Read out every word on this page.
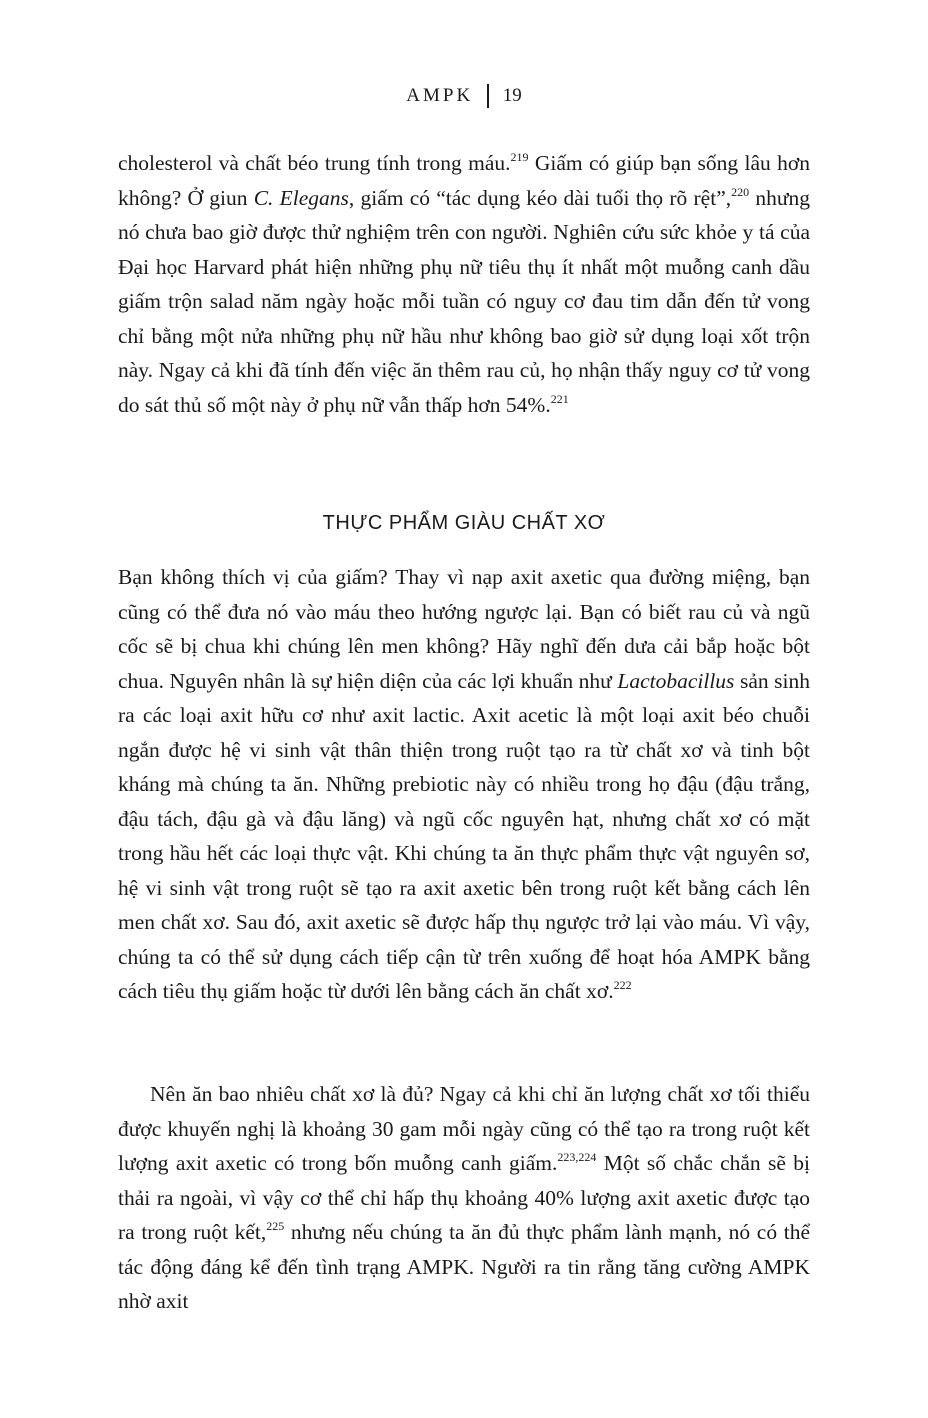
AMPK 19

cholesterol và chất béo trung tính trong máu.$^{219}$ Giấm có giúp bạn sống lâu hơn không? Ở giun C. Elegans, giấm có “tác dụng kéo dài tuổi thọ rõ rệt”,$^{220}$ nhưng nó chưa bao giờ được thử nghiệm trên con người. Nghiên cứu sức khỏe y tá của Đại học Harvard phát hiện những phụ nữ tiêu thụ ít nhất một muỗng canh dầu giấm trộn salad năm ngày hoặc mỗi tuần có nguy cơ đau tim dẫn đến tử vong chỉ bằng một nửa những phụ nữ hầu như không bao giờ sử dụng loại xốt trộn này. Ngay cả khi đã tính đến việc ăn thêm rau củ, họ nhận thấy nguy cơ tử vong do sát thủ số một này ở phụ nữ vẫn thấp hơn 54%.$^{221}$

THỰC PHẨM GIÀU CHẤT XƠ

Bạn không thích vị của giấm? Thay vì nạp axit axetic qua đường miệng, bạn cũng có thể đưa nó vào máu theo hướng ngược lại. Bạn có biết rau củ và ngũ cốc sẽ bị chua khi chúng lên men không? Hãy nghĩ đến dưa cải bắp hoặc bột chua. Nguyên nhân là sự hiện diện của các lợi khuẩn như Lactobacillus sản sinh ra các loại axit hữu cơ như axit lactic. Axit acetic là một loại axit béo chuỗi ngắn được hệ vi sinh vật thân thiện trong ruột tạo ra từ chất xơ và tinh bột kháng mà chúng ta ăn. Những prebiotic này có nhiều trong họ đậu (đậu trắng, đậu tách, đậu gà và đậu lăng) và ngũ cốc nguyên hạt, nhưng chất xơ có mặt trong hầu hết các loại thực vật. Khi chúng ta ăn thực phẩm thực vật nguyên sơ, hệ vi sinh vật trong ruột sẽ tạo ra axit axetic bên trong ruột kết bằng cách lên men chất xơ. Sau đó, axit axetic sẽ được hấp thụ ngược trở lại vào máu. Vì vậy, chúng ta có thể sử dụng cách tiếp cận từ trên xuống để hoạt hóa AMPK bằng cách tiêu thụ giấm hoặc từ dưới lên bằng cách ăn chất xơ.$^{222}$

Nên ăn bao nhiêu chất xơ là đủ? Ngay cả khi chỉ ăn lượng chất xơ tối thiểu được khuyến nghị là khoảng 30 gam mỗi ngày cũng có thể tạo ra trong ruột kết lượng axit axetic có trong bốn muỗng canh giấm.$^{223,224}$ Một số chắc chắn sẽ bị thải ra ngoài, vì vậy cơ thể chỉ hấp thụ khoảng 40% lượng axit axetic được tạo ra trong ruột kết,$^{225}$ nhưng nếu chúng ta ăn đủ thực phẩm lành mạnh, nó có thể tác động đáng kể đến tình trạng AMPK. Người ra tin rằng tăng cường AMPK nhờ axit
